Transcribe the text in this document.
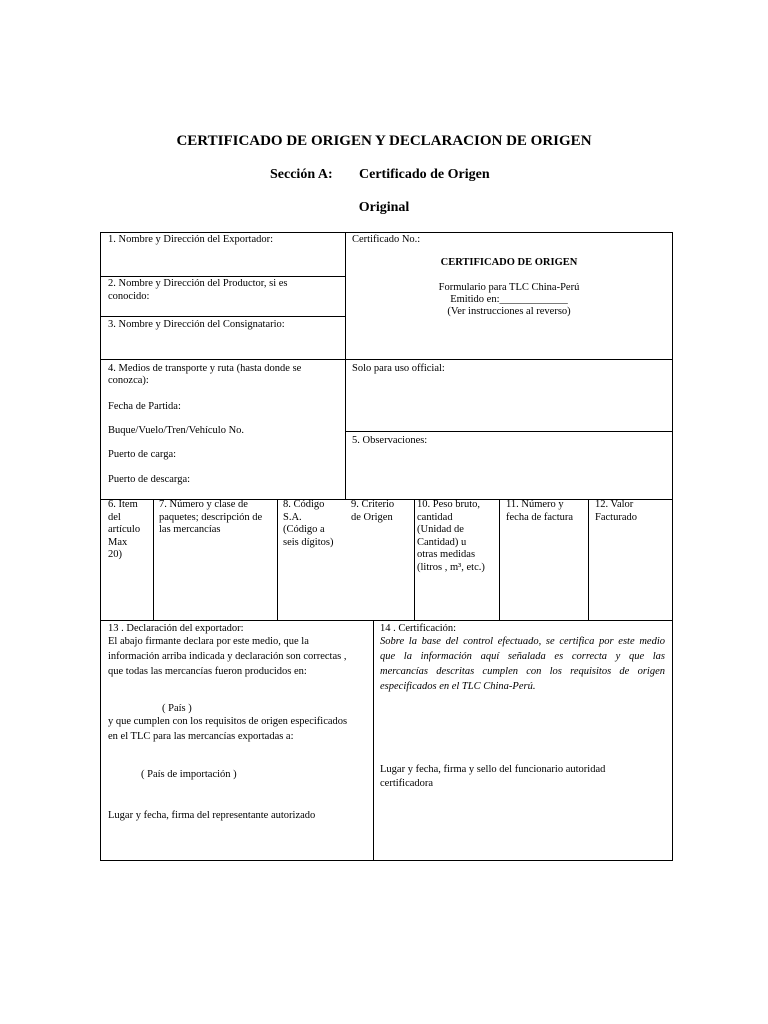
CERTIFICADO DE ORIGEN Y DECLARACION DE ORIGEN
Sección A: Certificado de Origen
Original
1. Nombre y Dirección del Exportador:
2. Nombre y Dirección del Productor, si es
conocido:
3. Nombre y Dirección del Consignatario:
Certificado No.:
CERTIFICADO DE ORIGEN
Formulario para TLC China-Perú
Emitido en:_____________
(Ver instrucciones al reverso)
4. Medios de transporte y ruta (hasta donde se
conozca):
Fecha de Partida:
Buque/Vuelo/Tren/Vehículo No.
Puerto de carga:
Puerto de descarga:
Solo para uso official:
5. Observaciones:
6. Item
del
artículo
Max
20)
7. Número y clase de
paquetes; descripción de
las mercancías
8. Código
S.A.
(Código a
seis dígitos)
9. Criterio
de Origen
10. Peso bruto,
cantidad
(Unidad de
Cantidad) u
otras medidas
(litros , m³, etc.)
11. Número y
fecha de factura
12. Valor
Facturado
13 . Declaración del exportador:
El abajo firmante declara por este medio, que la
información arriba indicada y declaración son correctas ,
que todas las mercancías fueron producidos en:
( País )
y que cumplen con los requisitos de origen especificados
en el TLC para las mercancías exportadas a:
( País de importación )
Lugar y fecha, firma del representante autorizado
14 . Certificación:
Sobre la base del control efectuado, se certifica por este medio
que la información aquí señalada es correcta y que las
mercancías descritas cumplen con los requisitos de origen
especificados en el TLC China-Perú.
Lugar y fecha, firma y sello del funcionario autoridad
certificadora
